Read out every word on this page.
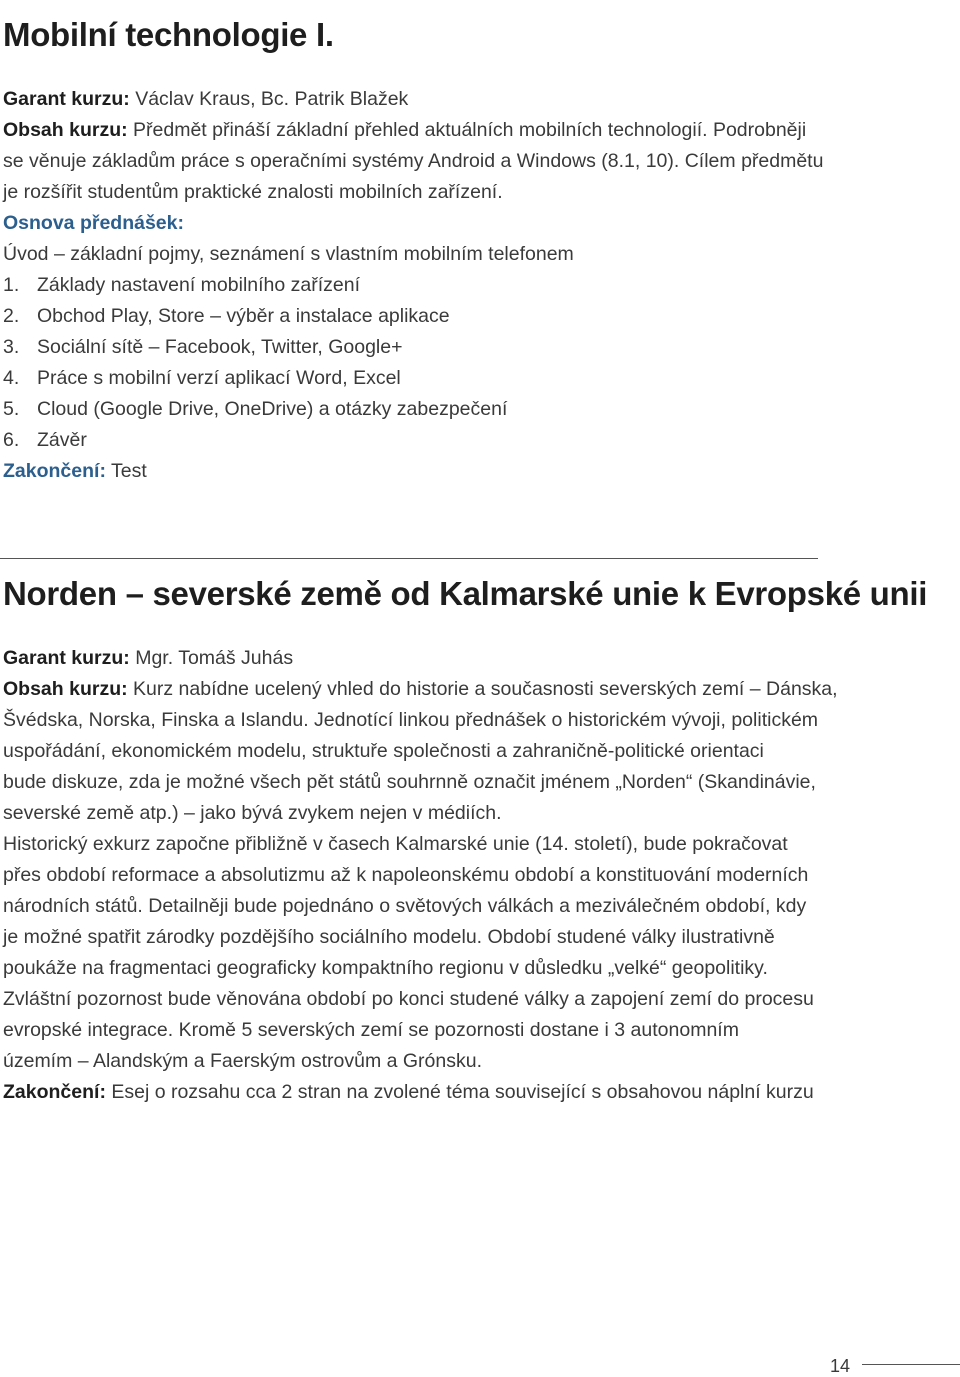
Mobilní technologie I.
Garant kurzu: Václav Kraus, Bc. Patrik Blažek
Obsah kurzu: Předmět přináší základní přehled aktuálních mobilních technologií. Podrobněji
se věnuje základům práce s operačními systémy Android a Windows (8.1, 10). Cílem předmětu
je rozšířit studentům praktické znalosti mobilních zařízení.
Osnova přednášek:
Úvod – základní pojmy, seznámení s vlastním mobilním telefonem
1. Základy nastavení mobilního zařízení
2. Obchod Play, Store – výběr a instalace aplikace
3. Sociální sítě – Facebook, Twitter, Google+
4. Práce s mobilní verzí aplikací Word, Excel
5. Cloud (Google Drive, OneDrive) a otázky zabezpečení
6. Závěr
Zakončení: Test
Norden – severské země od Kalmarské unie k Evropské unii
Garant kurzu: Mgr. Tomáš Juhás
Obsah kurzu: Kurz nabídne ucelený vhled do historie a současnosti severských zemí – Dánska,
Švédska, Norska, Finska a Islandu. Jednotící linkou přednášek o historickém vývoji, politickém
uspořádání, ekonomickém modelu, struktuře společnosti a zahraničně-politické orientaci
bude diskuze, zda je možné všech pět států souhrnně označit jménem „Norden“ (Skandinávie,
severské země atp.) – jako bývá zvykem nejen v médiích.
Historický exkurz započne přibližně v časech Kalmarské unie (14. století), bude pokračovat
přes období reformace a absolutizmu až k napoleonskému období a konstituování moderních
národních států. Detailněji bude pojednáno o světových válkách a meziválečném období, kdy
je možné spatřit zárodky pozdějšího sociálního modelu. Období studené války ilustrativně
poukáže na fragmentaci geograficky kompaktního regionu v důsledku „velké“ geopolitiky.
Zvláštní pozornost bude věnována období po konci studené války a zapojení zemí do procesu
evropské integrace. Kromě 5 severských zemí se pozornosti dostane i 3 autonomním
územím – Alandským a Faerským ostrovům a Grónsku.
Zakončení: Esej o rozsahu cca 2 stran na zvolené téma související s obsahovou náplní kurzu
14
